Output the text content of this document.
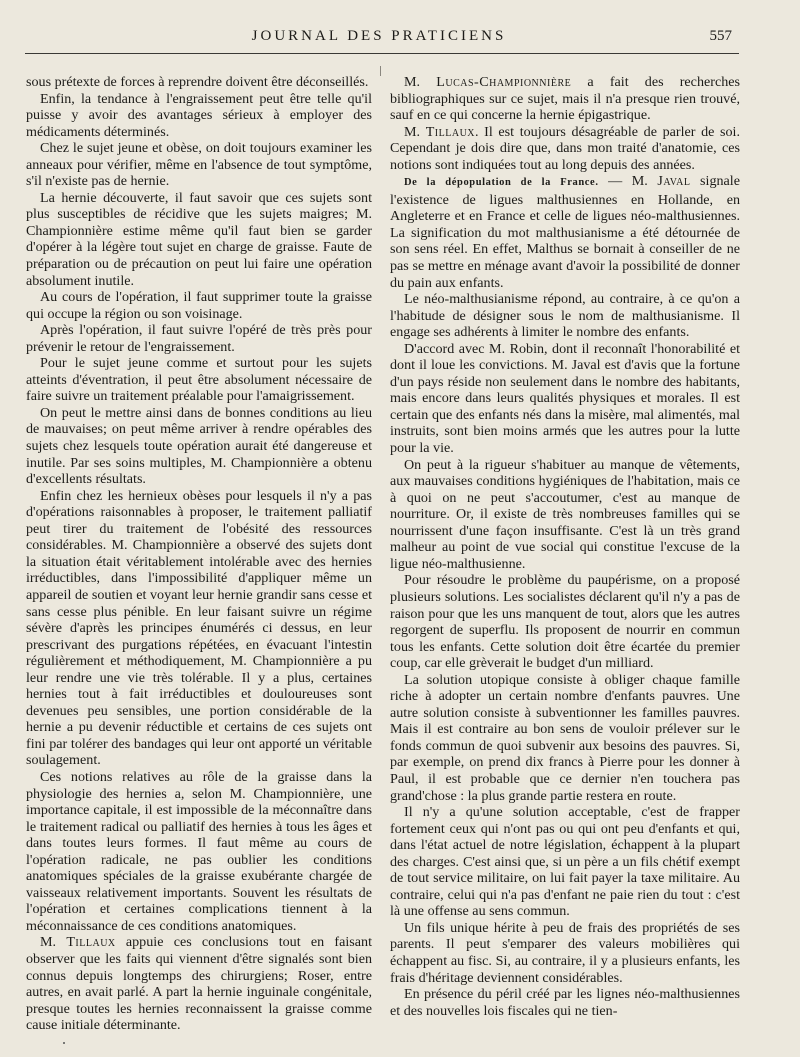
JOURNAL DES PRATICIENS	557

sous prétexte de forces à reprendre doivent être déconseillés.

Enfin, la tendance à l'engraissement peut être telle qu'il puisse y avoir des avantages sérieux à employer des médicaments déterminés.

Chez le sujet jeune et obèse, on doit toujours examiner les anneaux pour vérifier, même en l'absence de tout symptôme, s'il n'existe pas de hernie.

La hernie découverte, il faut savoir que ces sujets sont plus susceptibles de récidive que les sujets maigres; M. Championnière estime même qu'il faut bien se garder d'opérer à la légère tout sujet en charge de graisse. Faute de préparation ou de précaution on peut lui faire une opération absolument inutile.

Au cours de l'opération, il faut supprimer toute la graisse qui occupe la région ou son voisinage.

Après l'opération, il faut suivre l'opéré de très près pour prévenir le retour de l'engraissement.

Pour le sujet jeune comme et surtout pour les sujets atteints d'éventration, il peut être absolument nécessaire de faire suivre un traitement préalable pour l'amaigrissement.

On peut le mettre ainsi dans de bonnes conditions au lieu de mauvaises; on peut même arriver à rendre opérables des sujets chez lesquels toute opération aurait été dangereuse et inutile. Par ses soins multiples, M. Championnière a obtenu d'excellents résultats.

Enfin chez les hernieux obèses pour lesquels il n'y a pas d'opérations raisonnables à proposer, le traitement palliatif peut tirer du traitement de l'obésité des ressources considérables. M. Championnière a observé des sujets dont la situation était véritablement intolérable avec des hernies irréductibles, dans l'impossibilité d'appliquer même un appareil de soutien et voyant leur hernie grandir sans cesse et sans cesse plus pénible. En leur faisant suivre un régime sévère d'après les principes énumérés ci dessus, en leur prescrivant des purgations répétées, en évacuant l'intestin régulièrement et méthodiquement, M. Championnière a pu leur rendre une vie très tolérable. Il y a plus, certaines hernies tout à fait irréductibles et douloureuses sont devenues peu sensibles, une portion considérable de la hernie a pu devenir réductible et certains de ces sujets ont fini par tolérer des bandages qui leur ont apporté un véritable soulagement.

Ces notions relatives au rôle de la graisse dans la physiologie des hernies a, selon M. Championnière, une importance capitale, il est impossible de la méconnaître dans le traitement radical ou palliatif des hernies à tous les âges et dans toutes leurs formes. Il faut même au cours de l'opération radicale, ne pas oublier les conditions anatomiques spéciales de la graisse exubérante chargée de vaisseaux relativement importants. Souvent les résultats de l'opération et certaines complications tiennent à la méconnaissance de ces conditions anatomiques.

M. Tillaux appuie ces conclusions tout en faisant observer que les faits qui viennent d'être signalés sont bien connus depuis longtemps des chirurgiens; Roser, entre autres, en avait parlé. A part la hernie inguinale congénitale, presque toutes les hernies reconnaissent la graisse comme cause initiale déterminante.

M. Lucas-Championnière a fait des recherches bibliographiques sur ce sujet, mais il n'a presque rien trouvé, sauf en ce qui concerne la hernie épigastrique.

M. Tillaux. Il est toujours désagréable de parler de soi. Cependant je dois dire que, dans mon traité d'anatomie, ces notions sont indiquées tout au long depuis des années.

De la dépopulation de la France. — M. Javal signale l'existence de ligues malthusiennes en Hollande, en Angleterre et en France et celle de ligues néo-malthusiennes. La signification du mot malthusianisme a été détournée de son sens réel. En effet, Malthus se bornait à conseiller de ne pas se mettre en ménage avant d'avoir la possibilité de donner du pain aux enfants.

Le néo-malthusianisme répond, au contraire, à ce qu'on a l'habitude de désigner sous le nom de malthusianisme. Il engage ses adhérents à limiter le nombre des enfants.

D'accord avec M. Robin, dont il reconnaît l'honorabilité et dont il loue les convictions. M. Javal est d'avis que la fortune d'un pays réside non seulement dans le nombre des habitants, mais encore dans leurs qualités physiques et morales. Il est certain que des enfants nés dans la misère, mal alimentés, mal instruits, sont bien moins armés que les autres pour la lutte pour la vie.

On peut à la rigueur s'habituer au manque de vêtements, aux mauvaises conditions hygiéniques de l'habitation, mais ce à quoi on ne peut s'accoutumer, c'est au manque de nourriture. Or, il existe de très nombreuses familles qui se nourrissent d'une façon insuffisante. C'est là un très grand malheur au point de vue social qui constitue l'excuse de la ligue néo-malthusienne.

Pour résoudre le problème du paupérisme, on a proposé plusieurs solutions. Les socialistes déclarent qu'il n'y a pas de raison pour que les uns manquent de tout, alors que les autres regorgent de superflu. Ils proposent de nourrir en commun tous les enfants. Cette solution doit être écartée du premier coup, car elle grèverait le budget d'un milliard.

La solution utopique consiste à obliger chaque famille riche à adopter un certain nombre d'enfants pauvres. Une autre solution consiste à subventionner les familles pauvres. Mais il est contraire au bon sens de vouloir prélever sur le fonds commun de quoi subvenir aux besoins des pauvres. Si, par exemple, on prend dix francs à Pierre pour les donner à Paul, il est probable que ce dernier n'en touchera pas grand'chose : la plus grande partie restera en route.

Il n'y a qu'une solution acceptable, c'est de frapper fortement ceux qui n'ont pas ou qui ont peu d'enfants et qui, dans l'état actuel de notre législation, échappent à la plupart des charges. C'est ainsi que, si un père a un fils chétif exempt de tout service militaire, on lui fait payer la taxe militaire. Au contraire, celui qui n'a pas d'enfant ne paie rien du tout : c'est là une offense au sens commun.

Un fils unique hérite à peu de frais des propriétés de ses parents. Il peut s'emparer des valeurs mobilières qui échappent au fisc. Si, au contraire, il y a plusieurs enfants, les frais d'héritage deviennent considérables.

En présence du péril créé par les lignes néo-malthusiennes et des nouvelles lois fiscales qui ne tien-
